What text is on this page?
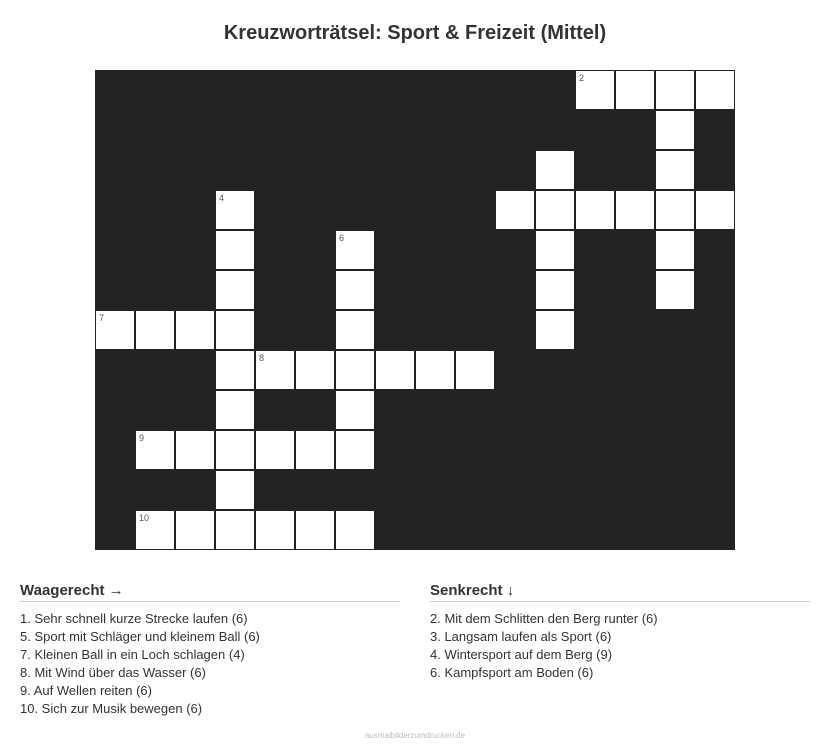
Kreuzworträtsel: Sport & Freizeit (Mittel)
2
4
6
7
8
9
10
Waagerecht →
1. Sehr schnell kurze Strecke laufen (6)
5. Sport mit Schläger und kleinem Ball (6)
7. Kleinen Ball in ein Loch schlagen (4)
8. Mit Wind über das Wasser (6)
9. Auf Wellen reiten (6)
10. Sich zur Musik bewegen (6)
Senkrecht ↓
2. Mit dem Schlitten den Berg runter (6)
3. Langsam laufen als Sport (6)
4. Wintersport auf dem Berg (9)
6. Kampfsport am Boden (6)
ausmalbilderzumdrucken.de
